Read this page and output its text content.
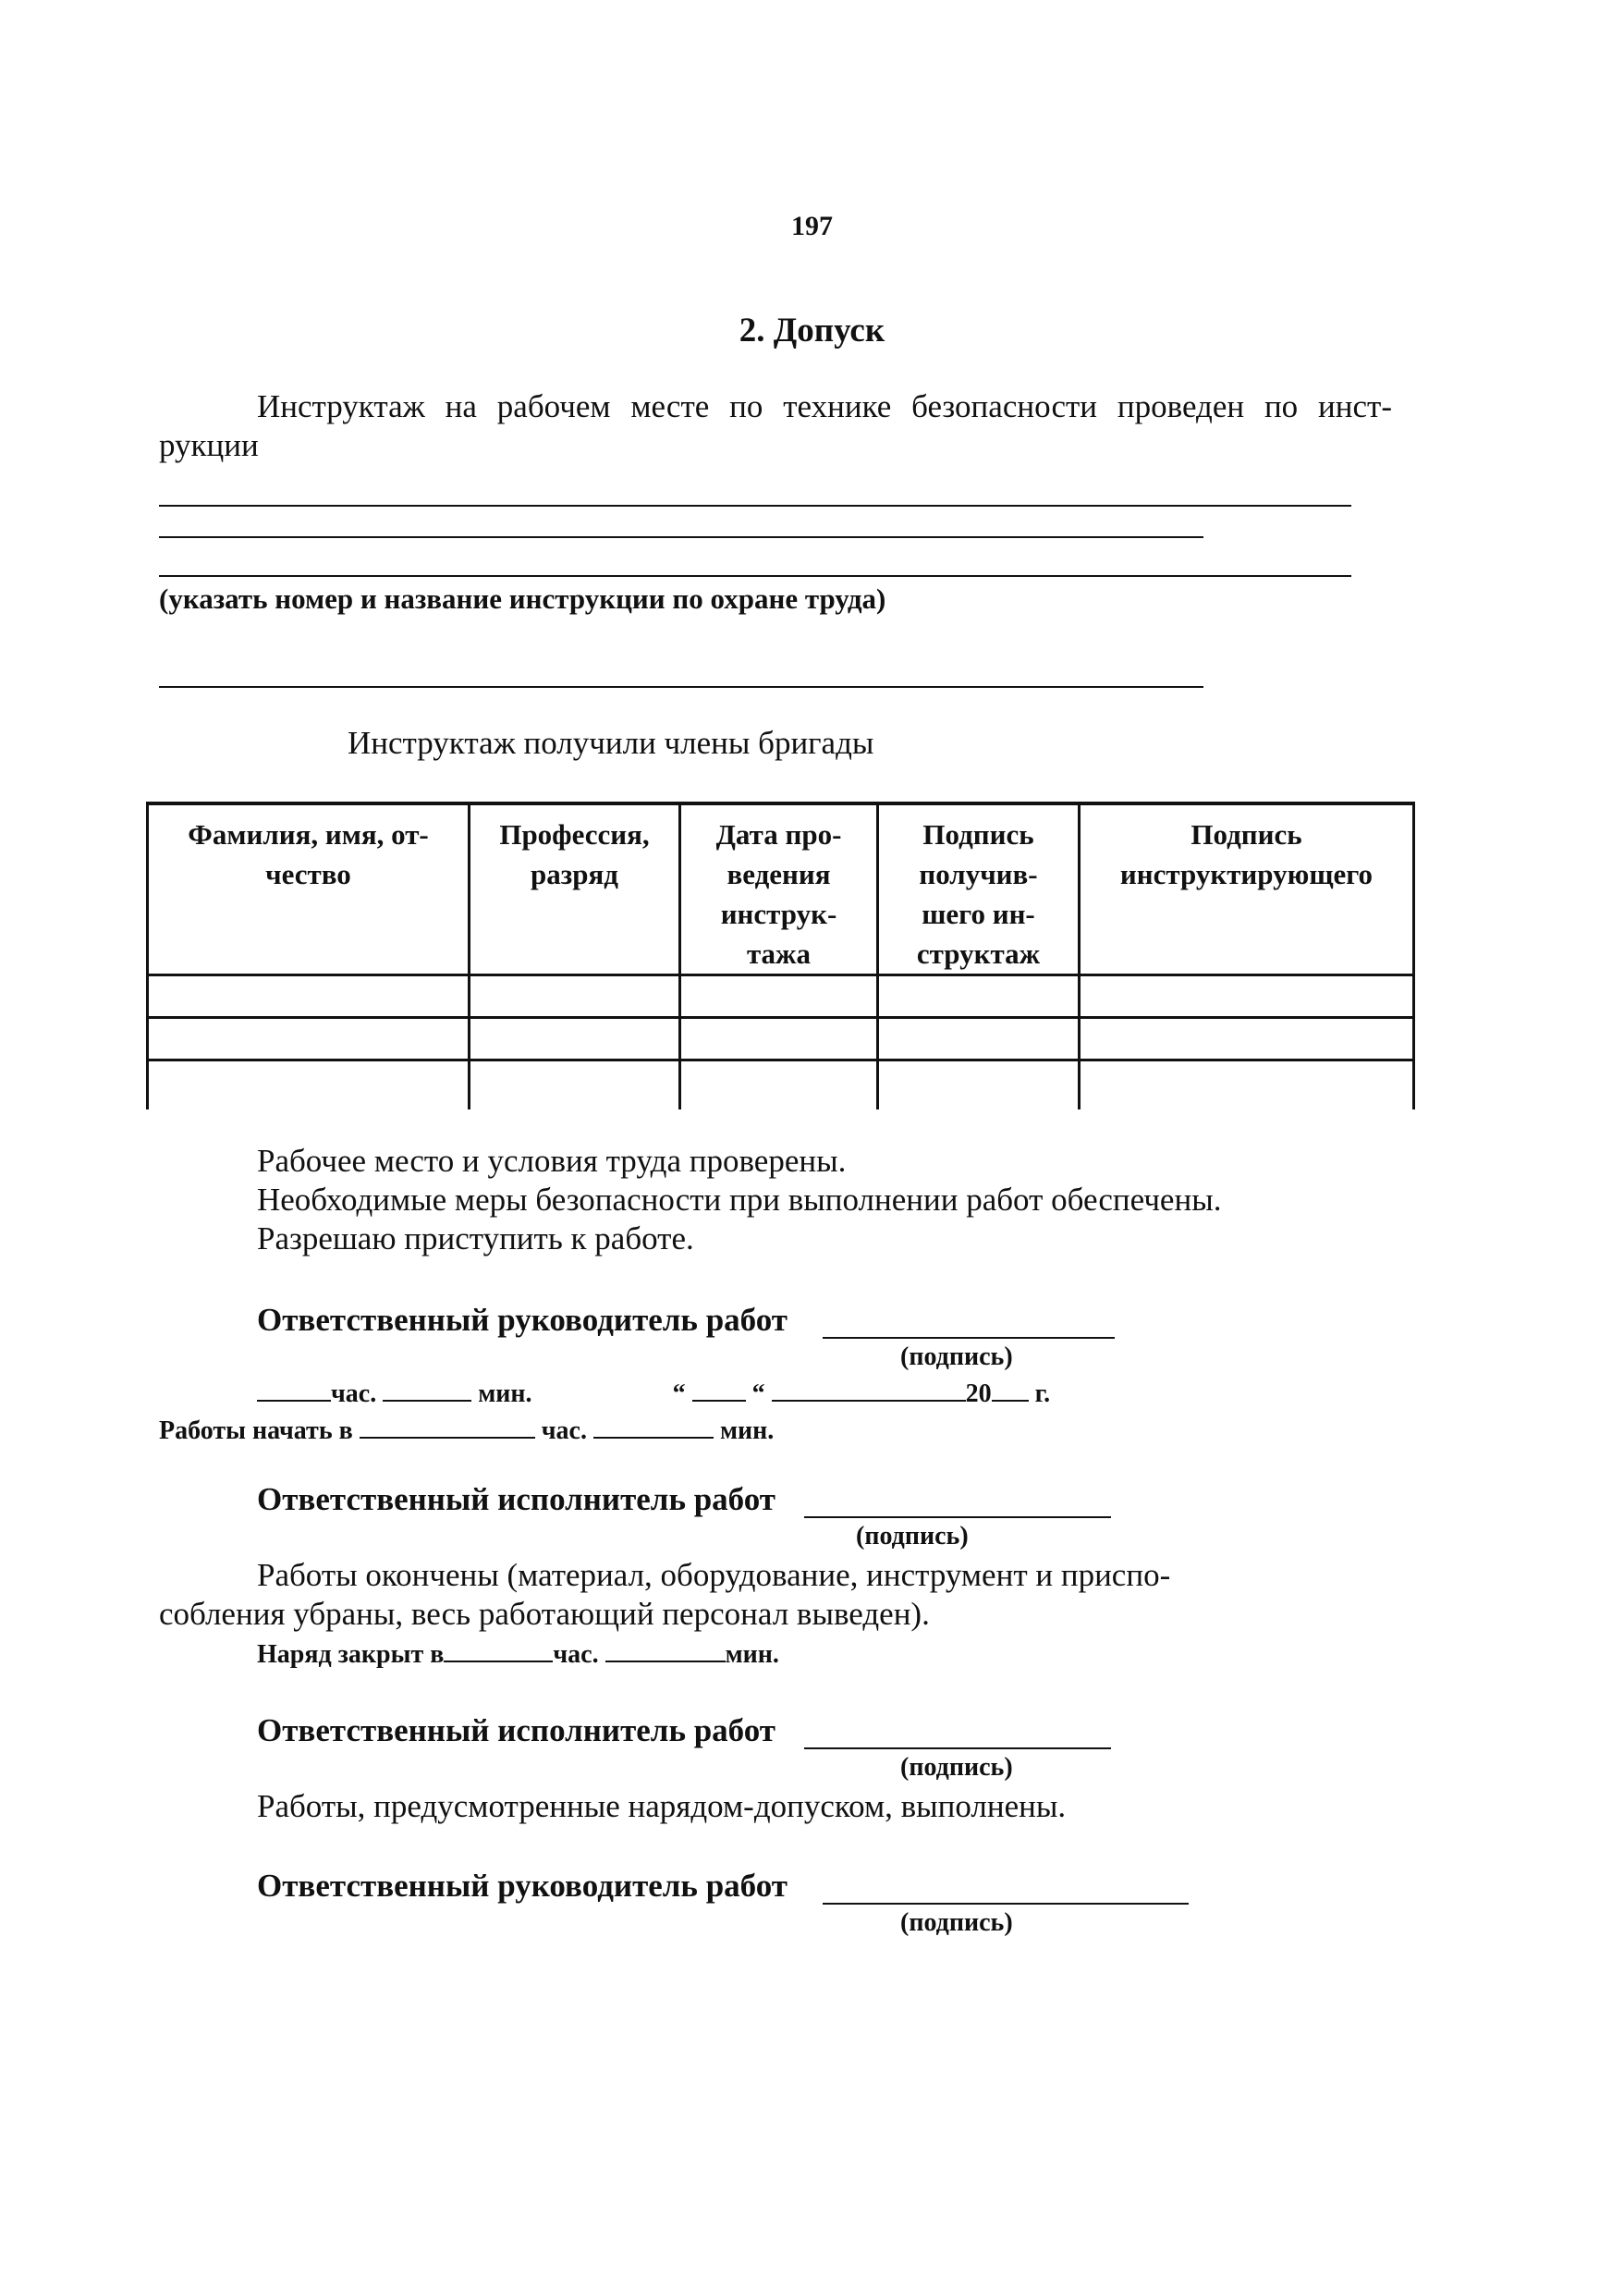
197
2. Допуск
Инструктаж на рабочем месте по технике безопасности проведен по инст-
рукции
(указать номер и название инструкции по охране труда)
Инструктаж получили члены бригады
Фамилия, имя, от-
чество	Профессия,
разряд	Дата про-
ведения
инструк-
тажа	Подпись
получив-
шего ин-
структаж	Подпись
инструктирующего

Рабочее место и условия труда проверены.
Необходимые меры безопасности при выполнении работ обеспечены.
Разрешаю приступить к работе.
Ответственный руководитель работ
(подпись)
час.	мин.	“	“	20 г.
Работы начать в	час.	мин.
Ответственный исполнитель работ
(подпись)
Работы окончены (материал, оборудование, инструмент и приспо-
собления убраны, весь работающий персонал выведен).
Наряд закрыт в	час.	мин.
Ответственный исполнитель работ
(подпись)
Работы, предусмотренные нарядом-допуском, выполнены.
Ответственный руководитель работ
(подпись)
